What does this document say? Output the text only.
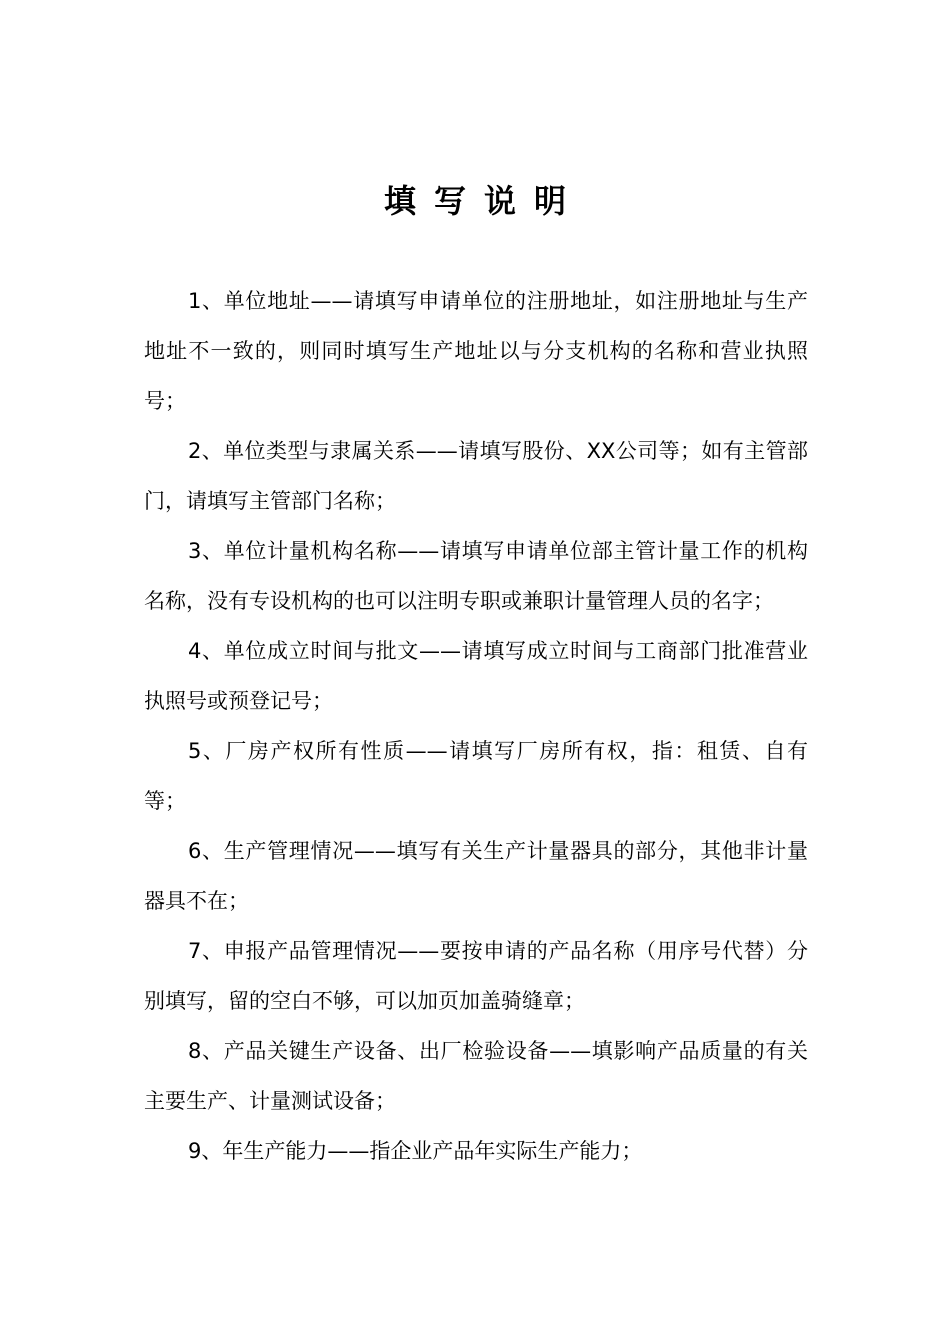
填写说明

1、单位地址——请填写申请单位的注册地址，如注册地址与生产地址不一致的，则同时填写生产地址以与分支机构的名称和营业执照号；

2、单位类型与隶属关系——请填写股份、XX公司等；如有主管部门，请填写主管部门名称；

3、单位计量机构名称——请填写申请单位部主管计量工作的机构名称，没有专设机构的也可以注明专职或兼职计量管理人员的名字；

4、单位成立时间与批文——请填写成立时间与工商部门批准营业执照号或预登记号；

5、厂房产权所有性质——请填写厂房所有权，指：租赁、自有等；

6、生产管理情况——填写有关生产计量器具的部分，其他非计量器具不在；

7、申报产品管理情况——要按申请的产品名称（用序号代替）分别填写，留的空白不够，可以加页加盖骑缝章；

8、产品关键生产设备、出厂检验设备——填影响产品质量的有关主要生产、计量测试设备；

9、年生产能力——指企业产品年实际生产能力；
